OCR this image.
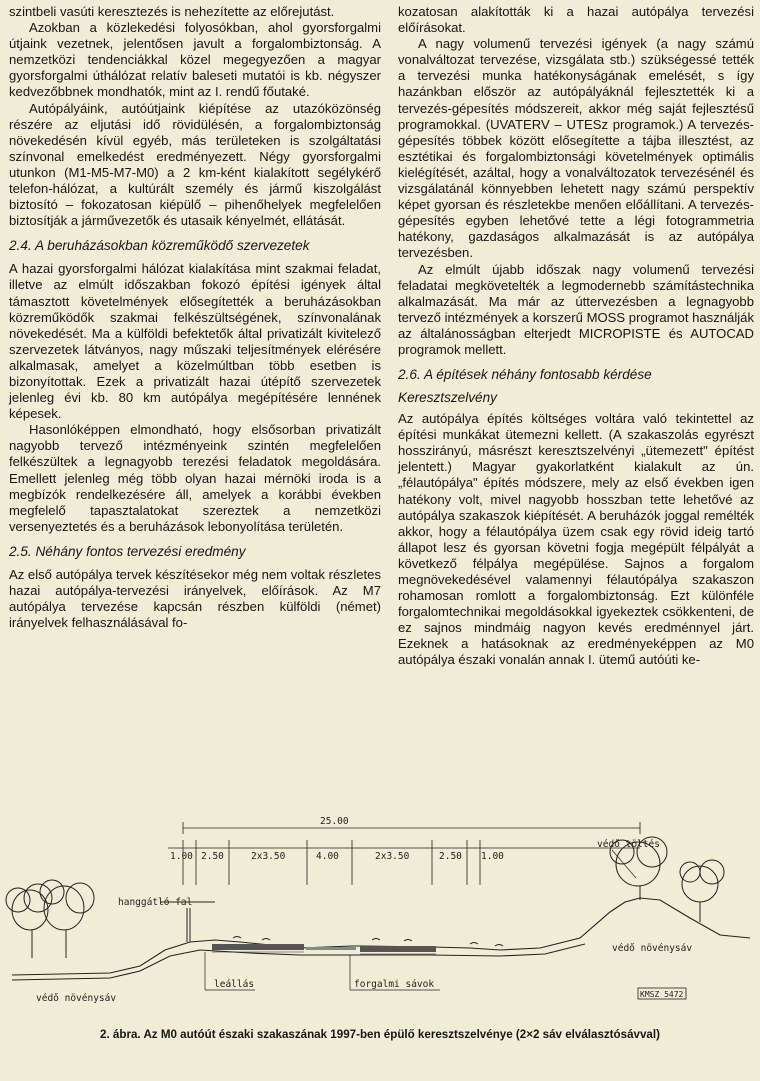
szintbeli vasúti keresztezés is nehezítette az előrejutást.

Azokban a közlekedési folyosókban, ahol gyorsforgalmi útjaink vezetnek, jelentősen javult a forgalombiztonság. A nemzetközi tendenciákkal közel megegyezően a magyar gyorsforgalmi úthálózat relatív baleseti mutatói is kb. négyszer kedvezőbbnek mondhatók, mint az I. rendű főutaké.

Autópályáink, autóútjaink kiépítése az utazóközönség részére az eljutási idő rövidülésén, a forgalombiztonság növekedésén kívül egyéb, más területeken is szolgáltatási színvonal emelkedést eredményezett. Négy gyorsforgalmi utunkon (M1-M5-M7-M0) a 2 km-ként kialakított segélykérő telefon-hálózat, a kultúrált személy és jármű kiszolgálást biztosító – fokozatosan kiépülő – pihenőhelyek megfelelően biztosítják a járművezetők és utasaik kényelmét, ellátását.

2.4. A beruházásokban közreműködő szervezetek

A hazai gyorsforgalmi hálózat kialakítása mint szakmai feladat, illetve az elmúlt időszakban fokozó építési igények által támasztott követelmények elősegítették a beruházásokban közreműködők szakmai felkészültségének, színvonalának növekedését. Ma a külföldi befektetők által privatizált kivitelező szervezetek látványos, nagy műszaki teljesítmények elérésére alkalmasak, amelyet a közelmúltban több esetben is bizonyítottak. Ezek a privatizált hazai útépítő szervezetek jelenleg évi kb. 80 km autópálya megépítésére lennének képesek.

Hasonlóképpen elmondható, hogy elsősorban privatizált nagyobb tervező intézményeink szintén megfelelően felkészültek a legnagyobb terezési feladatok megoldására. Emellett jelenleg még több olyan hazai mérnöki iroda is a megbízók rendelkezésére áll, amelyek a korábbi években megfelelő tapasztalatokat szereztek a nemzetközi versenyeztetés és a beruházások lebonyolítása területén.

2.5. Néhány fontos tervezési eredmény

Az első autópálya tervek készítésekor még nem voltak részletes hazai autópálya-tervezési irányelvek, előírások. Az M7 autópálya tervezése kapcsán részben külföldi (német) irányelvek felhasználásával fo-

kozatosan alakították ki a hazai autópálya tervezési előírásokat.

A nagy volumenű tervezési igények (a nagy számú vonalváltozat tervezése, vizsgálata stb.) szükségessé tették a tervezési munka hatékonyságának emelését, s így hazánkban először az autópályáknál fejlesztették ki a tervezés-gépesítés módszereit, akkor még saját fejlesztésű programokkal. (UVATERV – UTESz programok.) A tervezés-gépesítés többek között elősegítette a tájba illesztést, az esztétikai és forgalombiztonsági követelmények optimális kielégítését, azáltal, hogy a vonalváltozatok tervezésénél és vizsgálatánál könnyebben lehetett nagy számú perspektív képet gyorsan és részletekbe menően előállítani. A tervezés-gépesítés egyben lehetővé tette a légi fotogrammetria hatékony, gazdaságos alkalmazását is az autópálya tervezésben.

Az elmúlt újabb időszak nagy volumenű tervezési feladatai megkövetelték a legmodernebb számítástechnika alkalmazását. Ma már az úttervezésben a legnagyobb tervező intézmények a korszerű MOSS programot használják az általánosságban elterjedt MICROPISTE és AUTOCAD programok mellett.

2.6. A építések néhány fontosabb kérdése
Keresztszelvény

Az autópálya építés költséges voltára való tekintettel az építési munkákat ütemezni kellett. (A szakaszolás egyrészt hosszirányú, másrészt keresztszelvényi „ütemezett" építést jelentett.) Magyar gyakorlatként kialakult az ún. „félautópálya" építés módszere, mely az első években igen hatékony volt, mivel nagyobb hosszban tette lehetővé az autópálya szakaszok kiépítését. A beruházók joggal remélték akkor, hogy a félautópálya üzem csak egy rövid ideig tartó állapot lesz és gyorsan követni fogja megépült félpályát a következő félpálya megépülése. Sajnos a forgalom megnövekedésével valamennyi félautópálya szakaszon rohamosan romlott a forgalombiztonság. Ezt különféle forgalomtechnikai megoldásokkal igyekeztek csökkenteni, de ez sajnos mindmáig nagyon kevés eredménnyel járt. Ezeknek a hatásoknak az eredményeképpen az M0 autópálya északi vonalán annak I. ütemű autóúti ke-

25.00
1.00 2.50	2x3.50	4.00	2x3.50	2.50 1.00
hanggátló fal
védő töltés
védő növénysáv
védő növénysáv
leállás	forgalmi sávok
KMSZ 5472
2. ábra. Az M0 autóút északi szakaszának 1997-ben épülő keresztszelvénye (2×2 sáv elválasztósávval)
